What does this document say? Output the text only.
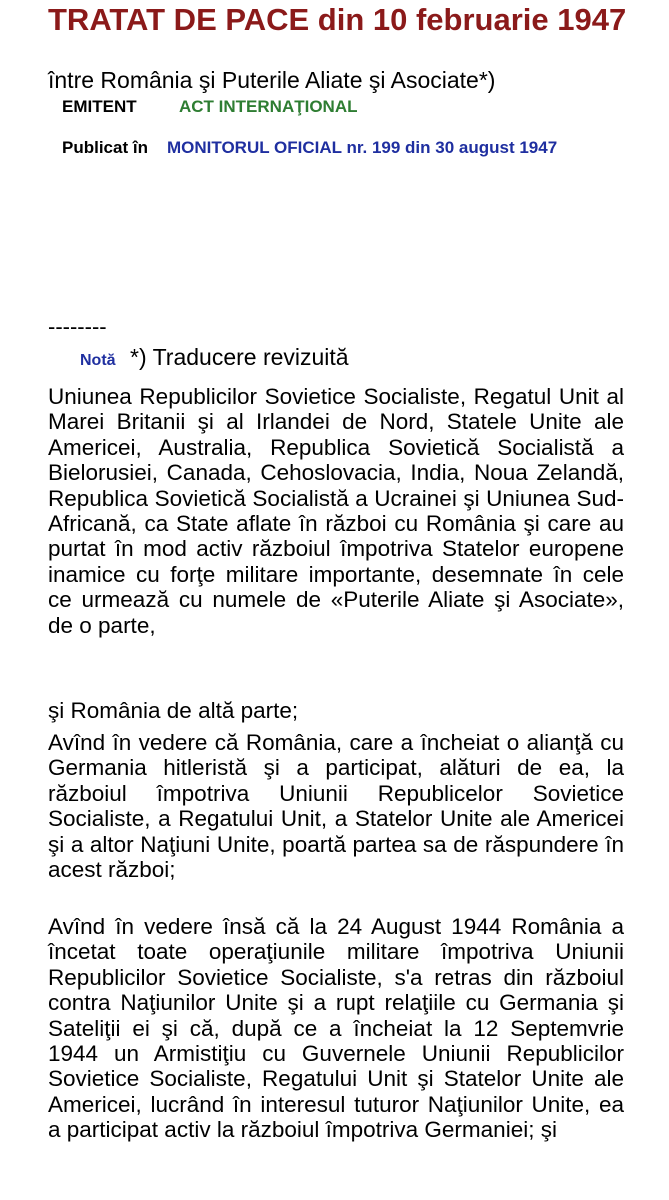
TRATAT DE PACE din 10 februarie 1947
între România şi Puterile Aliate şi Asociate*)
EMITENT ACT INTERNAŢIONAL
Publicat în	MONITORUL OFICIAL nr. 199 din 30 august 1947
--------
Notă *) Traducere revizuită
Uniunea Republicilor Sovietice Socialiste, Regatul Unit al Marei Britanii şi al Irlandei de Nord, Statele Unite ale Americei, Australia, Republica Sovietică Socialistă a Bielorusiei, Canada, Cehoslovacia, India, Noua Zelandă, Republica Sovietică Socialistă a Ucrainei şi Uniunea Sud-Africană, ca State aflate în război cu România şi care au purtat în mod activ războiul împotriva Statelor europene inamice cu forţe militare importante, desemnate în cele ce urmează cu numele de «Puterile Aliate şi Asociate», de o parte,
şi România de altă parte;
Avînd în vedere că România, care a încheiat o alianţă cu Germania hitleristă şi a participat, alături de ea, la războiul împotriva Uniunii Republicelor Sovietice Socialiste, a Regatului Unit, a Statelor Unite ale Americei şi a altor Naţiuni Unite, poartă partea sa de răspundere în acest război;
Avînd în vedere însă că la 24 August 1944 România a încetat toate operaţiunile militare împotriva Uniunii Republicilor Sovietice Socialiste, s'a retras din războiul contra Naţiunilor Unite şi a rupt relaţiile cu Germania şi Sateliţii ei şi că, după ce a încheiat la 12 Septemvrie 1944 un Armistiţiu cu Guvernele Uniunii Republicilor Sovietice Socialiste, Regatului Unit şi Statelor Unite ale Americei, lucrând în interesul tuturor Naţiunilor Unite, ea a participat activ la războiul împotriva Germaniei; şi
